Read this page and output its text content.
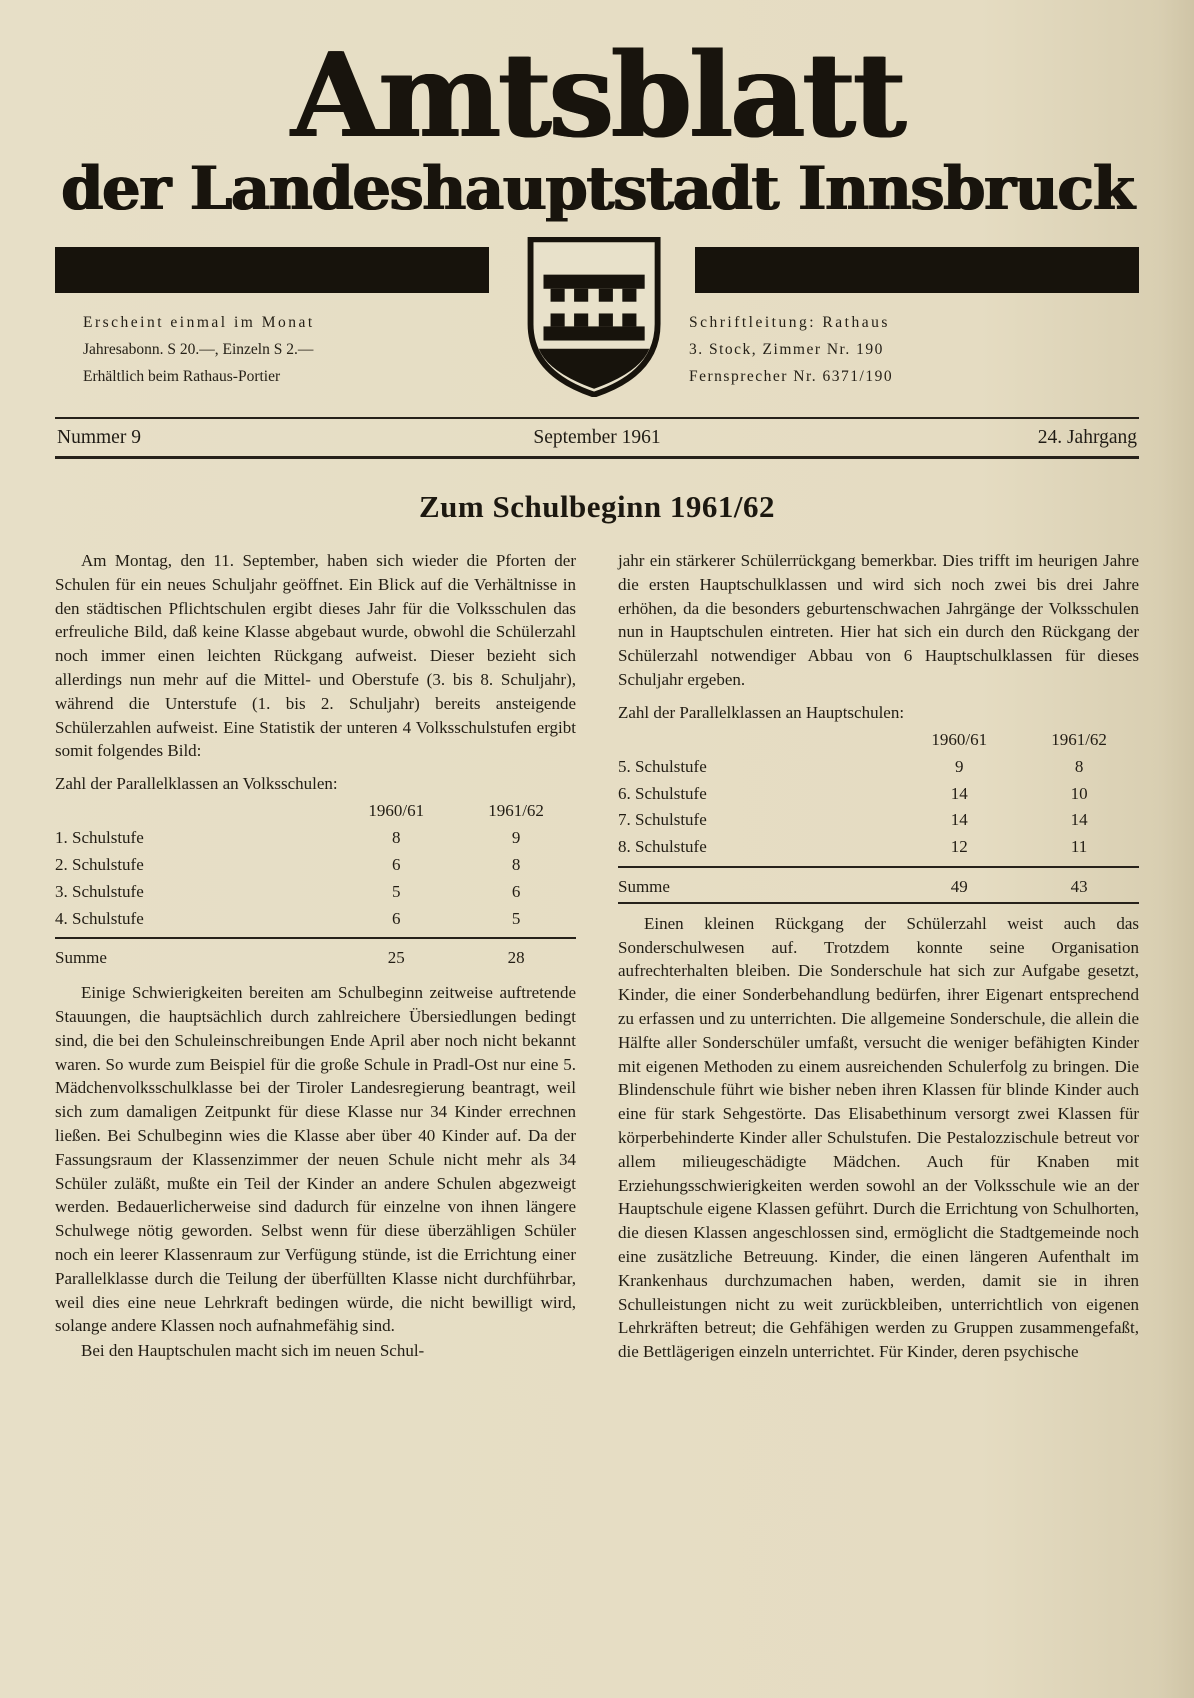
Amtsblatt
der Landeshauptstadt Innsbruck
Erscheint einmal im Monat
Jahresabonn. S 20.—, Einzeln S 2.—
Erhältlich beim Rathaus-Portier
Schriftleitung: Rathaus
3. Stock, Zimmer Nr. 190
Fernsprecher Nr. 6371/190
Nummer 9	September 1961	24. Jahrgang
Zum Schulbeginn 1961/62

Am Montag, den 11. September, haben sich wieder die Pforten der Schulen für ein neues Schuljahr geöffnet. Ein Blick auf die Verhältnisse in den städtischen Pflichtschulen ergibt dieses Jahr für die Volksschulen das erfreuliche Bild, daß keine Klasse abgebaut wurde, obwohl die Schülerzahl noch immer einen leichten Rückgang aufweist. Dieser bezieht sich allerdings nun mehr auf die Mittel- und Oberstufe (3. bis 8. Schuljahr), während die Unterstufe (1. bis 2. Schuljahr) bereits ansteigende Schülerzahlen aufweist. Eine Statistik der unteren 4 Volksschulstufen ergibt somit folgendes Bild:

Zahl der Parallelklassen an Volksschulen:

	1960/61	1961/62
1. Schulstufe	8	9
2. Schulstufe	6	8
3. Schulstufe	5	6
4. Schulstufe	6	5
Summe	25	28

Einige Schwierigkeiten bereiten am Schulbeginn zeitweise auftretende Stauungen, die hauptsächlich durch zahlreichere Übersiedlungen bedingt sind, die bei den Schuleinschreibungen Ende April aber noch nicht bekannt waren. So wurde zum Beispiel für die große Schule in Pradl-Ost nur eine 5. Mädchenvolksschulklasse bei der Tiroler Landesregierung beantragt, weil sich zum damaligen Zeitpunkt für diese Klasse nur 34 Kinder errechnen ließen. Bei Schulbeginn wies die Klasse aber über 40 Kinder auf. Da der Fassungsraum der Klassenzimmer der neuen Schule nicht mehr als 34 Schüler zuläßt, mußte ein Teil der Kinder an andere Schulen abgezweigt werden. Bedauerlicherweise sind dadurch für einzelne von ihnen längere Schulwege nötig geworden. Selbst wenn für diese überzähligen Schüler noch ein leerer Klassenraum zur Verfügung stünde, ist die Errichtung einer Parallelklasse durch die Teilung der überfüllten Klasse nicht durchführbar, weil dies eine neue Lehrkraft bedingen würde, die nicht bewilligt wird, solange andere Klassen noch aufnahmefähig sind.

Bei den Hauptschulen macht sich im neuen Schul-

jahr ein stärkerer Schülerrückgang bemerkbar. Dies trifft im heurigen Jahre die ersten Hauptschulklassen und wird sich noch zwei bis drei Jahre erhöhen, da die besonders geburtenschwachen Jahrgänge der Volksschulen nun in Hauptschulen eintreten. Hier hat sich ein durch den Rückgang der Schülerzahl notwendiger Abbau von 6 Hauptschulklassen für dieses Schuljahr ergeben.

Zahl der Parallelklassen an Hauptschulen:

	1960/61	1961/62
5. Schulstufe	9	8
6. Schulstufe	14	10
7. Schulstufe	14	14
8. Schulstufe	12	11
Summe	49	43

Einen kleinen Rückgang der Schülerzahl weist auch das Sonderschulwesen auf. Trotzdem konnte seine Organisation aufrechterhalten bleiben. Die Sonderschule hat sich zur Aufgabe gesetzt, Kinder, die einer Sonderbehandlung bedürfen, ihrer Eigenart entsprechend zu erfassen und zu unterrichten. Die allgemeine Sonderschule, die allein die Hälfte aller Sonderschüler umfaßt, versucht die weniger befähigten Kinder mit eigenen Methoden zu einem ausreichenden Schulerfolg zu bringen. Die Blindenschule führt wie bisher neben ihren Klassen für blinde Kinder auch eine für stark Sehgestörte. Das Elisabethinum versorgt zwei Klassen für körperbehinderte Kinder aller Schulstufen. Die Pestalozzischule betreut vor allem milieugeschädigte Mädchen. Auch für Knaben mit Erziehungsschwierigkeiten werden sowohl an der Volksschule wie an der Hauptschule eigene Klassen geführt. Durch die Errichtung von Schulhorten, die diesen Klassen angeschlossen sind, ermöglicht die Stadtgemeinde noch eine zusätzliche Betreuung. Kinder, die einen längeren Aufenthalt im Krankenhaus durchzumachen haben, werden, damit sie in ihren Schulleistungen nicht zu weit zurückbleiben, unterrichtlich von eigenen Lehrkräften betreut; die Gehfähigen werden zu Gruppen zusammengefaßt, die Bettlägerigen einzeln unterrichtet. Für Kinder, deren psychische
